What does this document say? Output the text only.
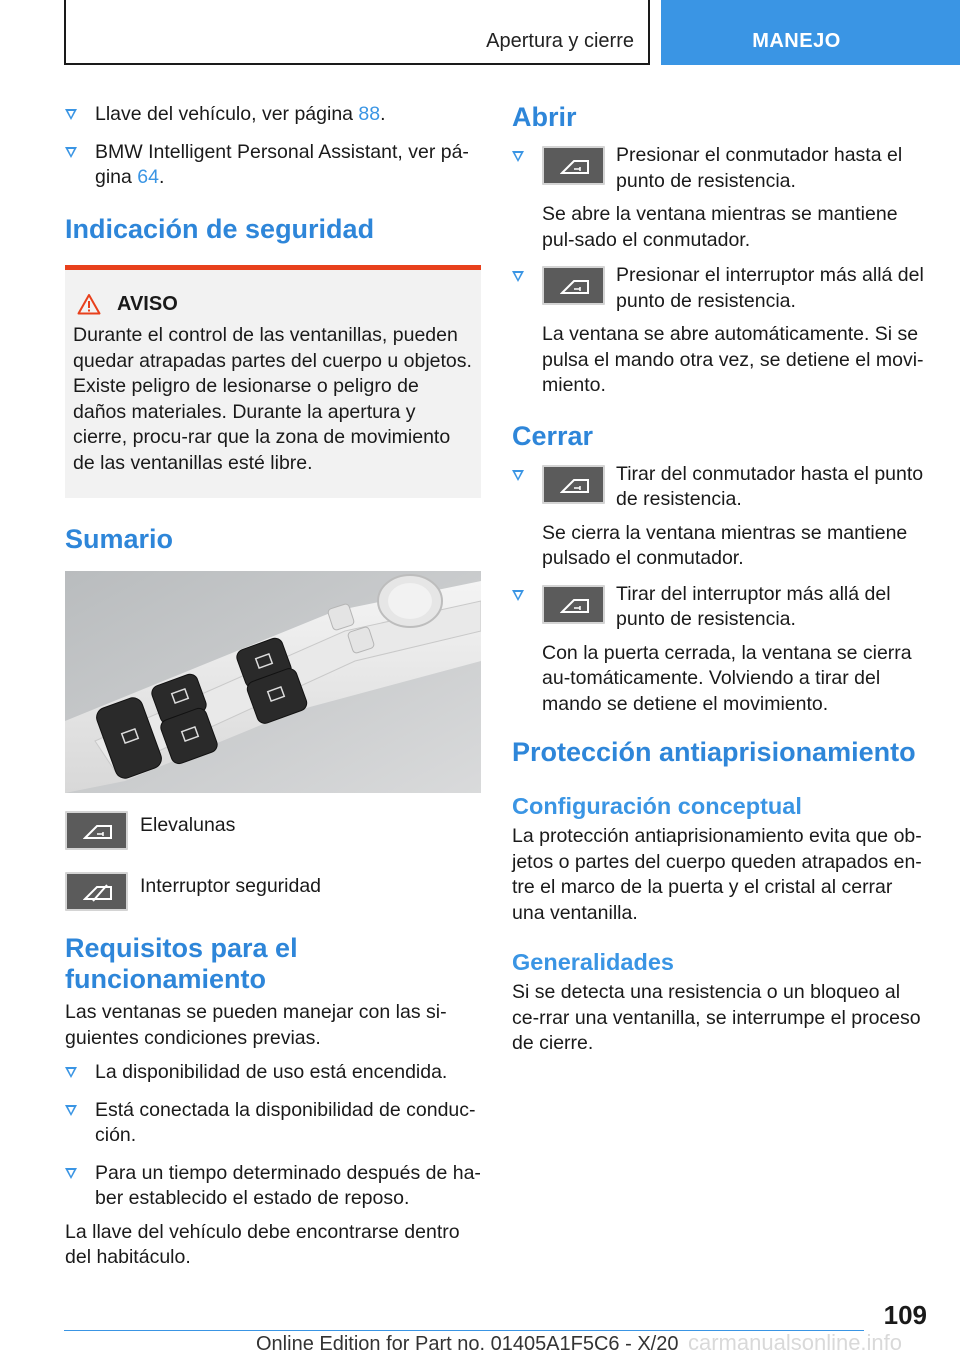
Apertura y cierre	MANEJO
Llave del vehículo, ver página 88.
BMW Intelligent Personal Assistant, ver pá-gina 64.
Indicación de seguridad
AVISO

Durante el control de las ventanillas, pueden quedar atrapadas partes del cuerpo u objetos. Existe peligro de lesionarse o peligro de daños materiales. Durante la apertura y cierre, procu-rar que la zona de movimiento de las ventanillas esté libre.

Sumario
Elevalunas
Interruptor seguridad
Requisitos para el funcionamiento

Las ventanas se pueden manejar con las si-guientes condiciones previas.

La disponibilidad de uso está encendida.
Está conectada la disponibilidad de conduc-ción.
Para un tiempo determinado después de ha-ber establecido el estado de reposo.

La llave del vehículo debe encontrarse dentro del habitáculo.

Abrir
Presionar el conmutador hasta el punto de resistencia.

Se abre la ventana mientras se mantiene pul-sado el conmutador.

Presionar el interruptor más allá del punto de resistencia.

La ventana se abre automáticamente. Si se pulsa el mando otra vez, se detiene el movi-miento.

Cerrar
Tirar del conmutador hasta el punto de resistencia.

Se cierra la ventana mientras se mantiene pulsado el conmutador.

Tirar del interruptor más allá del punto de resistencia.

Con la puerta cerrada, la ventana se cierra au-tomáticamente. Volviendo a tirar del mando se detiene el movimiento.

Protección antiaprisionamiento
Configuración conceptual

La protección antiaprisionamiento evita que ob-jetos o partes del cuerpo queden atrapados en-tre el marco de la puerta y el cristal al cerrar una ventanilla.

Generalidades

Si se detecta una resistencia o un bloqueo al ce-rrar una ventanilla, se interrumpe el proceso de cierre.

109
Online Edition for Part no. 01405A1F5C6 - X/20 carmanualsonline.info
